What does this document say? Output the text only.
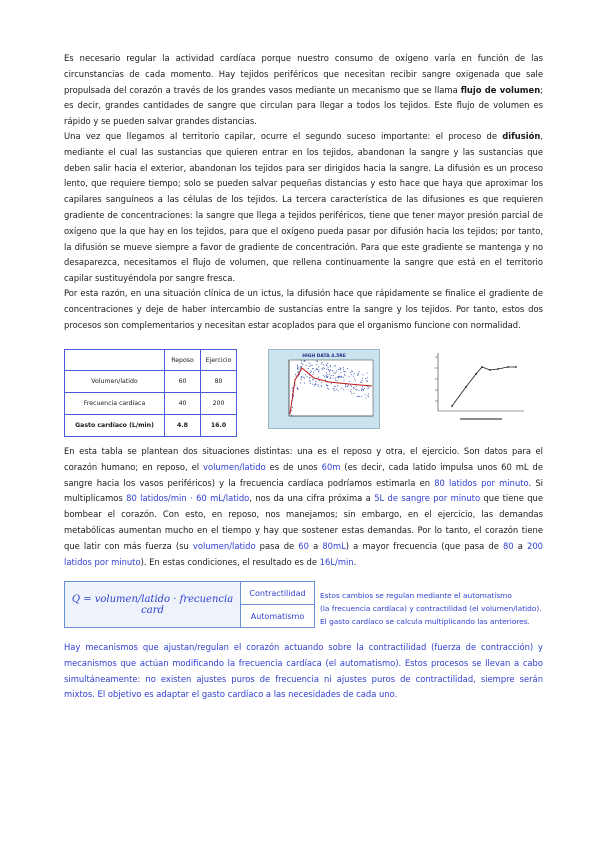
Es necesario regular la actividad cardíaca porque nuestro consumo de oxígeno varía en función de las circunstancias de cada momento. Hay tejidos periféricos que necesitan recibir sangre oxigenada que sale propulsada del corazón a través de los grandes vasos mediante un mecanismo que se llama flujo de volumen; es decir, grandes cantidades de sangre que circulan para llegar a todos los tejidos. Este flujo de volumen es rápido y se pueden salvar grandes distancias.

Una vez que llegamos al territorio capilar, ocurre el segundo suceso importante: el proceso de difusión, mediante el cual las sustancias que quieren entrar en los tejidos, abandonan la sangre y las sustancias que deben salir hacia el exterior, abandonan los tejidos para ser dirigidos hacia la sangre. La difusión es un proceso lento, que requiere tiempo; solo se pueden salvar pequeñas distancias y esto hace que haya que aproximar los capilares sanguíneos a las células de los tejidos. La tercera característica de las difusiones es que requieren gradiente de concentraciones: la sangre que llega a tejidos periféricos, tiene que tener mayor presión parcial de oxígeno que la que hay en los tejidos, para que el oxígeno pueda pasar por difusión hacia los tejidos; por tanto, la difusión se mueve siempre a favor de gradiente de concentración. Para que este gradiente se mantenga y no desaparezca, necesitamos el flujo de volumen, que rellena continuamente la sangre que está en el territorio capilar sustituyéndola por sangre fresca.

Por esta razón, en una situación clínica de un ictus, la difusión hace que rápidamente se finalice el gradiente de concentraciones y deje de haber intercambio de sustancias entre la sangre y los tejidos. Por tanto, estos dos procesos son complementarios y necesitan estar acoplados para que el organismo funcione con normalidad.

	Reposo	Ejercicio
Volumen/latido	60	80
Frecuencia cardíaca	40	200
Gasto cardíaco (L/min)	4.8	16.0
HIGH DATA 4.5RE

En esta tabla se plantean dos situaciones distintas: una es el reposo y otra, el ejercicio. Son datos para el corazón humano; en reposo, el volumen/latido es de unos 60m (es decir, cada latido impulsa unos 60 mL de sangre hacia los vasos periféricos) y la frecuencia cardíaca podríamos estimarla en 80 latidos por minuto. Si multiplicamos 80 latidos/min · 60 mL/latido, nos da una cifra próxima a 5L de sangre por minuto que tiene que bombear el corazón. Con esto, en reposo, nos manejamos; sin embargo, en el ejercicio, las demandas metabólicas aumentan mucho en el tiempo y hay que sostener estas demandas. Por lo tanto, el corazón tiene que latir con más fuerza (su volumen/latido pasa de 60 a 80mL) a mayor frecuencia (que pasa de 80 a 200 latidos por minuto). En estas condiciones, el resultado es de 16L/min.

Q = volumen/latido · frecuencia card	Contractilidad
Automatismo
Estos cambios se regulan mediante el automatismo
(la frecuencia cardíaca) y contractilidad (el volumen/latido).
El gasto cardíaco se calcula multiplicando las anteriores.

Hay mecanismos que ajustan/regulan el corazón actuando sobre la contractilidad (fuerza de contracción) y mecanismos que actúan modificando la frecuencia cardíaca (el automatismo). Estos procesos se llevan a cabo simultáneamente: no existen ajustes puros de frecuencia ni ajustes puros de contractilidad, siempre serán mixtos. El objetivo es adaptar el gasto cardíaco a las necesidades de cada uno.
